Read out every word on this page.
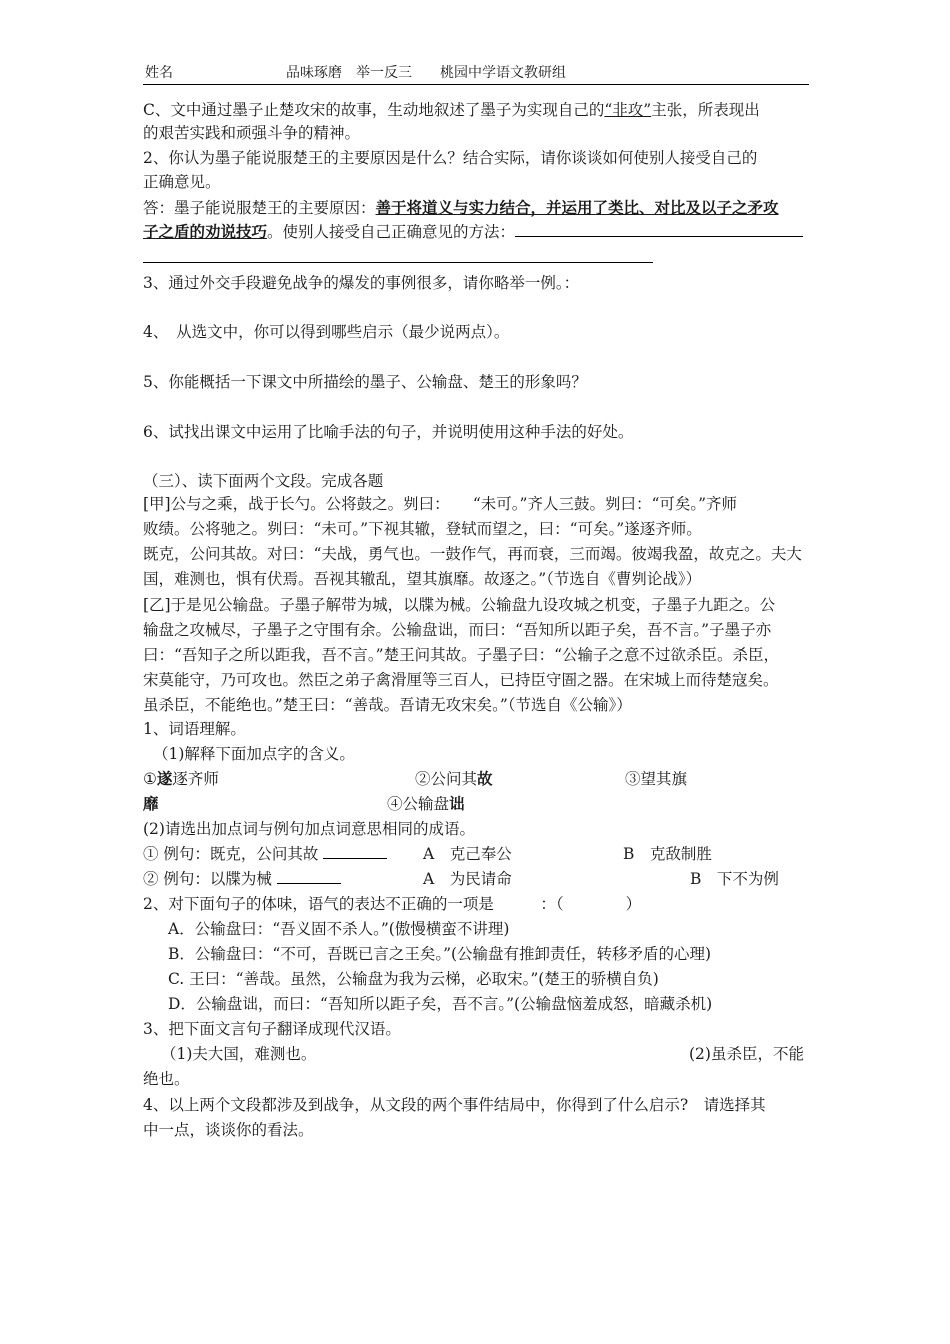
姓名	品味琢磨　举一反三 桃园中学语文教研组
C、文中通过墨子止楚攻宋的故事，生动地叙述了墨子为实现自己的“非攻”主张，所表现出
的艰苦实践和顽强斗争的精神。
2、你认为墨子能说服楚王的主要原因是什么？结合实际，请你谈谈如何使别人接受自己的
正确意见。
答：墨子能说服楚王的主要原因：善于将道义与实力结合，并运用了类比、对比及以子之矛攻
子之盾的劝说技巧。使别人接受自己正确意见的方法：
3、通过外交手段避免战争的爆发的事例很多，请你略举一例。：
4、　从选文中，你可以得到哪些启示（最少说两点）。
5、你能概括一下课文中所描绘的墨子、公输盘、楚王的形象吗？
6、试找出课文中运用了比喻手法的句子，并说明使用这种手法的好处。
（三）、读下面两个文段。完成各题
[甲]公与之乘，战于长勺。公将鼓之。刿曰：　　“未可。”齐人三鼓。刿曰：“可矣。”齐师
败绩。公将驰之。刿曰：“未可。”下视其辙，登轼而望之，曰：“可矣。”遂逐齐师。
既克，公问其故。对曰：“夫战，勇气也。一鼓作气，再而衰，三而竭。彼竭我盈，故克之。夫大
国，难测也，惧有伏焉。吾视其辙乱，望其旗靡。故逐之。”（节选自《曹刿论战》）
[乙]于是见公输盘。子墨子解带为城，以牒为械。公输盘九设攻城之机变，子墨子九距之。公
输盘之攻械尽，子墨子之守围有余。公输盘诎，而曰：“吾知所以距子矣，吾不言。”子墨子亦
曰：“吾知子之所以距我，吾不言。”楚王问其故。子墨子曰：“公输子之意不过欲杀臣。杀臣，
宋莫能守，乃可攻也。然臣之弟子禽滑厘等三百人，已持臣守圄之器。在宋城上而待楚寇矣。
虽杀臣，不能绝也。”楚王曰：“善哉。吾请无攻宋矣。”（节选自《公输》）
1、词语理解。
（1)解释下面加点字的含义。
①遂逐齐师	②公问其故	③望其旗
靡	④公输盘诎
(2)请选出加点词与例句加点词意思相同的成语。
① 例句：既克，公问其故	A　克己奉公	B　克敌制胜
② 例句：以牒为械	A　为民请命	B　下不为例
2、对下面句子的体味，语气的表达不正确的一项是　　　：（　　　　）
A．公输盘曰：“吾义固不杀人。”(傲慢横蛮不讲理)
B．公输盘曰：“不可，吾既已言之王矣。”(公输盘有推卸责任，转移矛盾的心理)
C. 王曰：“善哉。虽然，公输盘为我为云梯，必取宋。”(楚王的骄横自负)
D．公输盘诎，而曰：“吾知所以距子矣，吾不言。”(公输盘恼羞成怒，暗藏杀机)
3、把下面文言句子翻译成现代汉语。
（1)夫大国，难测也。	(2)虽杀臣，不能
绝也。
4、以上两个文段都涉及到战争，从文段的两个事件结局中，你得到了什么启示?　请选择其
中一点，谈谈你的看法。
